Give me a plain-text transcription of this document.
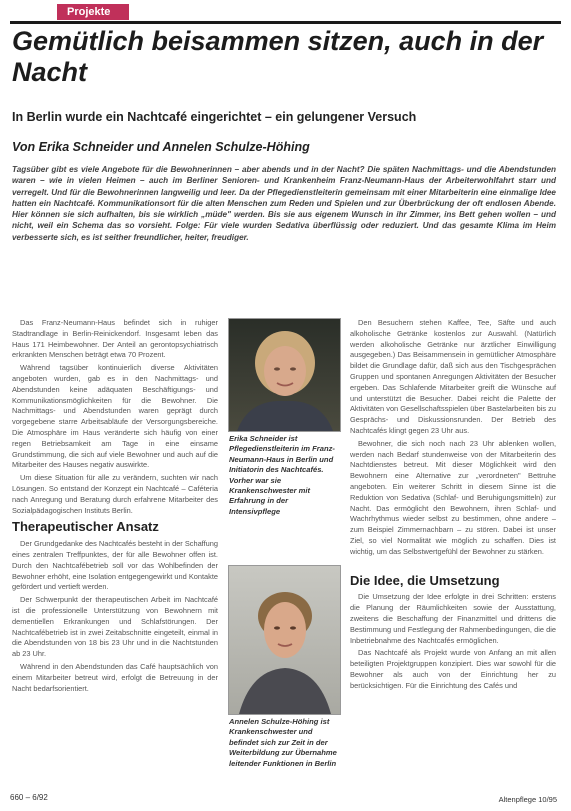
Projekte
Gemütlich beisammen sitzen, auch in der Nacht
In Berlin wurde ein Nachtcafé eingerichtet – ein gelungener Versuch
Von Erika Schneider und Annelen Schulze-Höhing

Tagsüber gibt es viele Angebote für die Bewohnerinnen – aber abends und in der Nacht? Die späten Nachmittags- und die Abendstunden waren – wie in vielen Heimen – auch im Berliner Senioren- und Krankenheim Franz-Neumann-Haus der Arbeiterwohlfahrt starr und verregelt. Und für die Bewohnerinnen langweilig und leer. Da der Pflegedienstleiterin gemeinsam mit einer Mitarbeiterin eine einmalige Idee hatten ein Nachtcafé. Kommunikationsort für die alten Menschen zum Reden und Spielen und zur Überbrückung der oft endlosen Abende. Hier können sie sich aufhalten, bis sie wirklich „müde" werden. Bis sie aus eigenem Wunsch in ihr Zimmer, ins Bett gehen wollen – und nicht, weil ein Schema das so vorsieht. Folge: Für viele wurden Sedativa überflüssig oder reduziert. Und das gesamte Klima im Heim verbesserte sich, es ist seither freundlicher, heiter, freudiger.

Das Franz-Neumann-Haus befindet sich in ruhiger Stadtrandlage in Berlin-Reinickendorf. Insgesamt leben das Haus 171 Heimbewohner. Der Anteil an gerontopsychiatrisch erkrankten Menschen beträgt etwa 70 Prozent.

Während tagsüber kontinuierlich diverse Aktivitäten angeboten wurden, gab es in den Nachmittags- und Abendstunden keine adäquaten Beschäftigungs- und Kommunikationsmöglichkeiten für die Bewohner. Die Nachmittags- und Abendstunden waren geprägt durch vorgegebene starre Arbeitsabläufe der Versorgungsbereiche. Die Atmosphäre im Haus veränderte sich häufig von einer regen Betriebsamkeit am Tage in eine einsame Grundstimmung, die sich auf viele Bewohner und auch auf die Mitarbeiter des Hauses negativ auswirkte.

Um diese Situation für alle zu verändern, suchten wir nach Lösungen. So entstand der Konzept ein Nachtcafé – Caféteria nach Anregung und Beratung durch erfahrene Mitarbeiter des Sozialpädagogischen Instituts Berlin.

Therapeutischer Ansatz

Der Grundgedanke des Nachtcafés besteht in der Schaffung eines zentralen Treffpunktes, der für alle Bewohner offen ist. Durch den Nachtcafébetrieb soll vor das Wohlbefinden der Bewohner erhöht, eine Isolation entgegengewirkt und Kontakte gefördert und vertieft werden.

Der Schwerpunkt der therapeutischen Arbeit im Nachtcafé ist die professionelle Unterstützung von Bewohnern mit dementiellen Erkrankungen und Schlafstörungen. Der Nachtcafébetrieb ist in zwei Zeitabschnitte eingeteilt, einmal in die Abendstunden von 18 bis 23 Uhr und in die Nachtstunden ab 23 Uhr.

Während in den Abendstunden das Café hauptsächlich von einem Mitarbeiter betreut wird, erfolgt die Betreuung in der Nacht bedarfsorientiert.

Erika Schneider ist Pflegedienstleiterin im Franz-Neumann-Haus in Berlin und Initiatorin des Nachtcafés. Vorher war sie Krankenschwester mit Erfahrung in der Intensivpflege
Annelen Schulze-Höhing ist Krankenschwester und befindet sich zur Zeit in der Weiterbildung zur Übernahme leitender Funktionen in Berlin

Den Besuchern stehen Kaffee, Tee, Säfte und auch alkoholische Getränke kostenlos zur Auswahl. (Natürlich werden alkoholische Getränke nur ärztlicher Einwilligung ausgegeben.) Das Beisammensein in gemütlicher Atmosphäre bildet die Grundlage dafür, daß sich aus den Tischgesprächen Gruppen und spontanen Anregungen Aktivitäten der Besucher ergeben. Das Schlafende Mitarbeiter greift die Wünsche auf und unterstützt die Besucher. Dabei reicht die Palette der Aktivitäten von Gesellschaftsspielen über Bastelarbeiten bis zu Gesprächs- und Diskussionsrunden. Der Betrieb des Nachtcafés klingt gegen 23 Uhr aus.

Bewohner, die sich noch nach 23 Uhr ablenken wollen, werden nach Bedarf stundenweise von der Mitarbeiterin des Nachtdienstes betreut. Mit dieser Möglichkeit wird den Bewohnern eine Alternative zur „verordneten" Bettruhe angeboten. Ein weiterer Schritt in diesem Sinne ist die Reduktion von Sedativa (Schlaf- und Beruhigungsmitteln) zur Nacht. Das ermöglicht den Bewohnern, ihren Schlaf- und Wachrhythmus wieder selbst zu bestimmen, ohne andere – zum Beispiel Zimmernachbarn – zu stören. Dabei ist unser Ziel, so viel Normalität wie möglich zu schaffen. Dies ist wichtig, um das Selbstwertgefühl der Bewohner zu stärken.

Die Idee, die Umsetzung

Die Umsetzung der Idee erfolgte in drei Schritten: erstens die Planung der Räumlichkeiten sowie der Ausstattung, zweitens die Beschaffung der Finanzmittel und drittens die Bestimmung und Festlegung der Rahmenbedingungen, die die Inbetriebnahme des Nachtcafés ermöglichen.

Das Nachtcafé als Projekt wurde von Anfang an mit allen beteiligten Projektgruppen konzipiert. Dies war sowohl für die Bewohner als auch von der Einrichtung her zu berücksichtigen. Für die Einrichtung des Cafés und

660 – 6/92	Altenpflege 10/95
